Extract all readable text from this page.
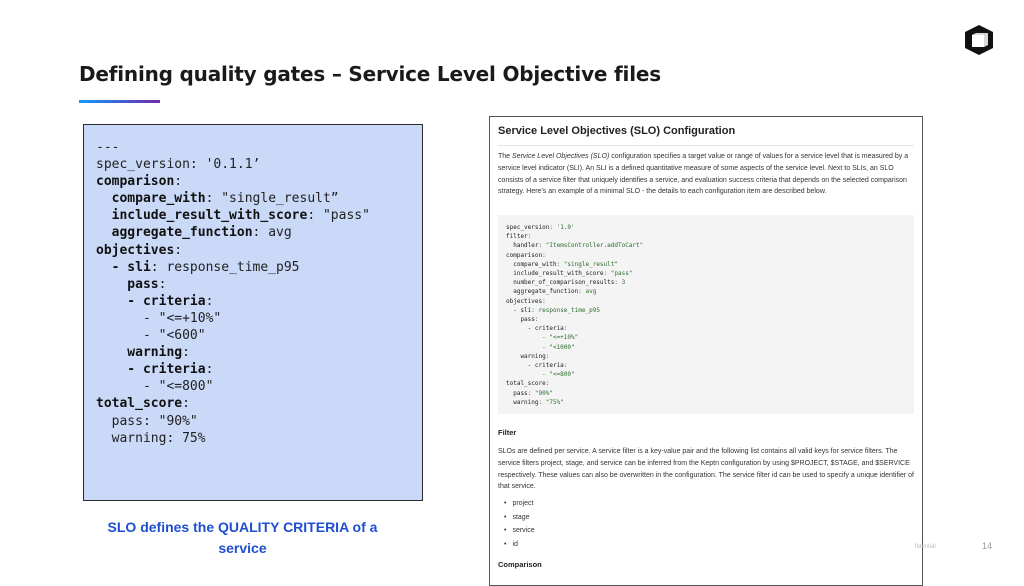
Defining quality gates – Service Level Objective files
---
spec_version: '0.1.1’
comparison:
compare_with: "single_result”
include_result_with_score: "pass"
aggregate_function: avg
objectives:
- sli: response_time_p95
pass:
- criteria:
- "<=+10%"
- "<600"
warning:
- criteria:
- "<=800"
total_score:
pass: "90%"
warning: 75%
SLO defines the QUALITY CRITERIA of a service
Service Level Objectives (SLO) Configuration
The Service Level Objectives (SLO) configuration specifies a target value or range of values for a service level that is measured by a service level indicator (SLI). An SLI is a defined quantitative measure of some aspects of the service level. Next to SLIs, an SLO consists of a service filter that uniquely identifies a service, and evaluation success criteria that depends on the selected comparison strategy. Here's an example of a minimal SLO - the details to each configuration item are described below.
spec_version: '1.0'
filter:
handler: "ItemsController.addToCart"
comparison:
compare_with: "single_result"
include_result_with_score: "pass"
number_of_comparison_results: 3
aggregate_function: avg
objectives:
- sli: response_time_p95
pass:
- criteria:
- "<=+10%"
- "<1000"
warning:
- criteria:
- "<=800"
total_score:
pass: "90%"
warning: "75%"
Filter
SLOs are defined per service. A service filter is a key-value pair and the following list contains all valid keys for service filters. The service filters project, stage, and service can be inferred from the Keptn configuration by using $PROJECT, $STAGE, and $SERVICE respectively. These values can also be overwritten in the configuration. The service filter id can be used to specify a unique identifier of that service.
• project
• stage
• service
• id
Comparison
fidential	14
